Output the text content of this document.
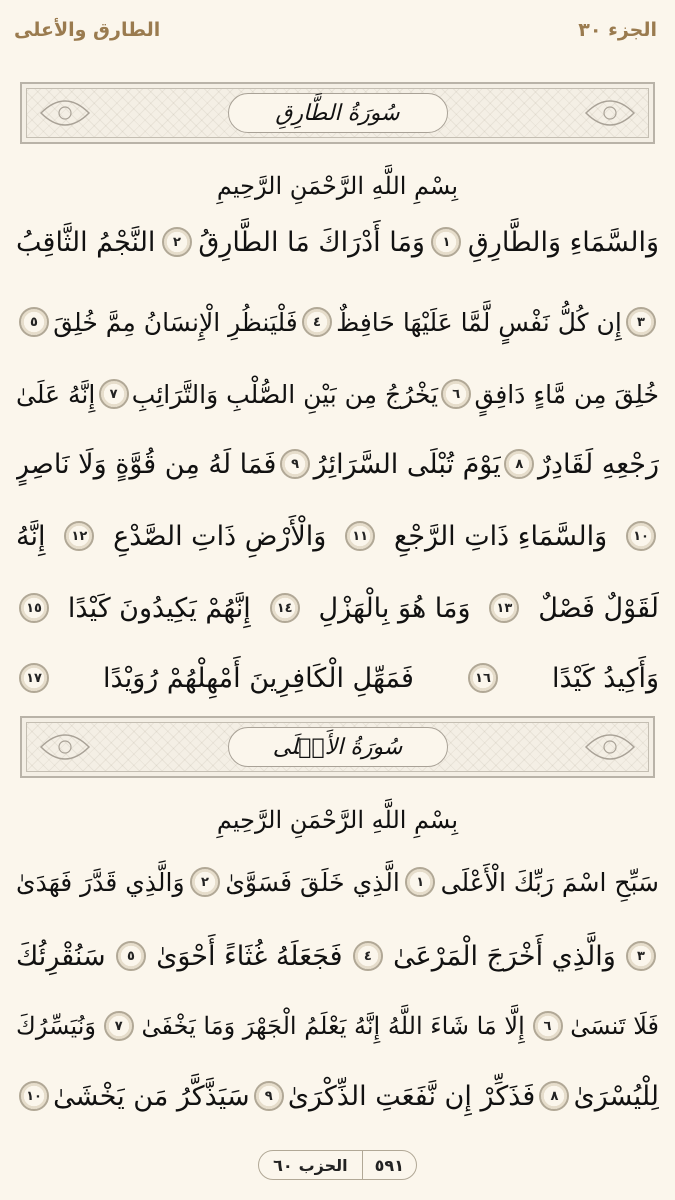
الجزء ٣٠
الطارق والأعلى
سُورَةُ الطَّارِقِ
بِسْمِ اللَّهِ الرَّحْمَنِ الرَّحِيمِ
وَالسَّمَاءِ وَالطَّارِقِ
١
وَمَا أَدْرَاكَ مَا الطَّارِقُ
٢
النَّجْمُ الثَّاقِبُ
٣
إِن كُلُّ نَفْسٍ لَّمَّا عَلَيْهَا حَافِظٌ
٤
فَلْيَنظُرِ الْإِنسَانُ مِمَّ خُلِقَ
٥
خُلِقَ مِن مَّاءٍ دَافِقٍ
٦
يَخْرُجُ مِن بَيْنِ الصُّلْبِ وَالتَّرَائِبِ
٧
إِنَّهُ عَلَىٰ
رَجْعِهِ لَقَادِرٌ
٨
يَوْمَ تُبْلَى السَّرَائِرُ
٩
فَمَا لَهُ مِن قُوَّةٍ وَلَا نَاصِرٍ
١٠
وَالسَّمَاءِ ذَاتِ الرَّجْعِ
١١
وَالْأَرْضِ ذَاتِ الصَّدْعِ
١٢
إِنَّهُ
لَقَوْلٌ فَصْلٌ
١٣
وَمَا هُوَ بِالْهَزْلِ
١٤
إِنَّهُمْ يَكِيدُونَ كَيْدًا
١٥
وَأَكِيدُ كَيْدًا
١٦
فَمَهِّلِ الْكَافِرِينَ أَمْهِلْهُمْ رُوَيْدًا
١٧
سُورَةُ الأَعۡلَى
بِسْمِ اللَّهِ الرَّحْمَنِ الرَّحِيمِ
سَبِّحِ اسْمَ رَبِّكَ الْأَعْلَى
١
الَّذِي خَلَقَ فَسَوَّىٰ
٢
وَالَّذِي قَدَّرَ فَهَدَىٰ
٣
وَالَّذِي أَخْرَجَ الْمَرْعَىٰ
٤
فَجَعَلَهُ غُثَاءً أَحْوَىٰ
٥
سَنُقْرِئُكَ
فَلَا تَنسَىٰ
٦
إِلَّا مَا شَاءَ اللَّهُ إِنَّهُ يَعْلَمُ الْجَهْرَ وَمَا يَخْفَىٰ
٧
وَنُيَسِّرُكَ
لِلْيُسْرَىٰ
٨
فَذَكِّرْ إِن نَّفَعَتِ الذِّكْرَىٰ
٩
سَيَذَّكَّرُ مَن يَخْشَىٰ
١٠
٥٩١
الحزب
٦٠
